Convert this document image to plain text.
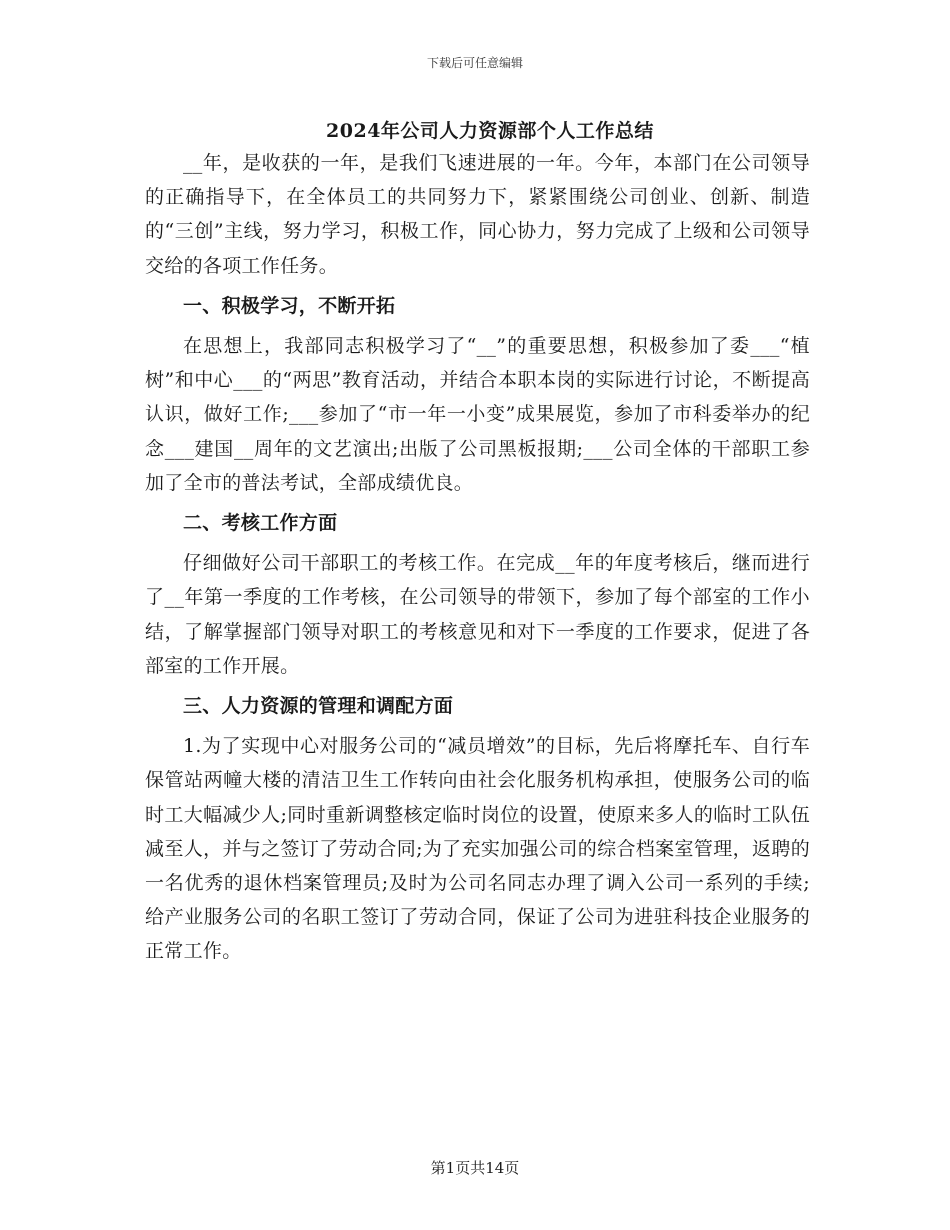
下载后可任意编辑
2024年公司人力资源部个人工作总结

__年，是收获的一年，是我们飞速进展的一年。今年，本部门在公司领导的正确指导下，在全体员工的共同努力下，紧紧围绕公司创业、创新、制造的“三创”主线，努力学习，积极工作，同心协力，努力完成了上级和公司领导交给的各项工作任务。

一、积极学习，不断开拓

在思想上，我部同志积极学习了“__”的重要思想，积极参加了委___“植树”和中心___的“两思”教育活动，并结合本职本岗的实际进行讨论，不断提高认识，做好工作;___参加了“市一年一小变”成果展览，参加了市科委举办的纪念___建国__周年的文艺演出;出版了公司黑板报期;___公司全体的干部职工参加了全市的普法考试，全部成绩优良。

二、考核工作方面

仔细做好公司干部职工的考核工作。在完成__年的年度考核后，继而进行了__年第一季度的工作考核，在公司领导的带领下，参加了每个部室的工作小结，了解掌握部门领导对职工的考核意见和对下一季度的工作要求，促进了各部室的工作开展。

三、人力资源的管理和调配方面

1.为了实现中心对服务公司的“减员增效”的目标，先后将摩托车、自行车保管站两幢大楼的清洁卫生工作转向由社会化服务机构承担，使服务公司的临时工大幅减少人;同时重新调整核定临时岗位的设置，使原来多人的临时工队伍减至人，并与之签订了劳动合同;为了充实加强公司的综合档案室管理，返聘的一名优秀的退休档案管理员;及时为公司名同志办理了调入公司一系列的手续;给产业服务公司的名职工签订了劳动合同，保证了公司为进驻科技企业服务的正常工作。

第1页共14页
